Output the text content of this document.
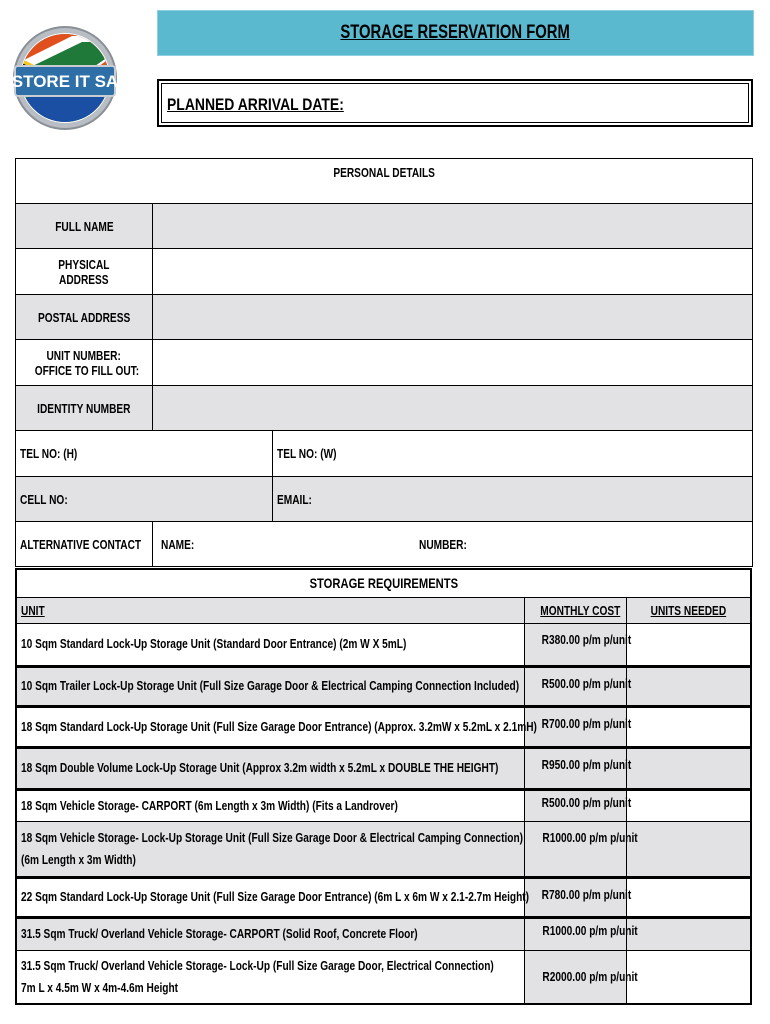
STORE IT SA
STORAGE RESERVATION FORM
PLANNED ARRIVAL DATE:
PERSONAL DETAILS		
FULL NAME		
PHYSICAL
ADDRESS		
POSTAL ADDRESS		
UNIT NUMBER:
OFFICE TO FILL OUT:		
IDENTITY NUMBER		
TEL NO: (H)		TEL NO: (W)
CELL NO:		EMAIL:
ALTERNATIVE CONTACT	NAME: NUMBER:	
STORAGE REQUIREMENTS		
UNIT	MONTHLY COST	UNITS NEEDED
10 Sqm Standard Lock-Up Storage Unit (Standard Door Entrance) (2m W X 5mL)	R380.00 p/m p/unit	
10 Sqm Trailer Lock-Up Storage Unit (Full Size Garage Door & Electrical Camping Connection Included)	R500.00 p/m p/unit	
18 Sqm Standard Lock-Up Storage Unit (Full Size Garage Door Entrance) (Approx. 3.2mW x 5.2mL x 2.1mH)	R700.00 p/m p/unit	
18 Sqm Double Volume Lock-Up Storage Unit (Approx 3.2m width x 5.2mL x DOUBLE THE HEIGHT)	R950.00 p/m p/unit	
18 Sqm Vehicle Storage- CARPORT (6m Length x 3m Width) (Fits a Landrover)	R500.00 p/m p/unit	
18 Sqm Vehicle Storage- Lock-Up Storage Unit (Full Size Garage Door & Electrical Camping Connection)
(6m Length x 3m Width)	R1000.00 p/m p/unit	
22 Sqm Standard Lock-Up Storage Unit (Full Size Garage Door Entrance) (6m L x 6m W x 2.1-2.7m Height)	R780.00 p/m p/unit	
31.5 Sqm Truck/ Overland Vehicle Storage- CARPORT (Solid Roof, Concrete Floor)	R1000.00 p/m p/unit	
31.5 Sqm Truck/ Overland Vehicle Storage- Lock-Up (Full Size Garage Door, Electrical Connection)
7m L x 4.5m W x 4m-4.6m Height	R2000.00 p/m p/unit	
